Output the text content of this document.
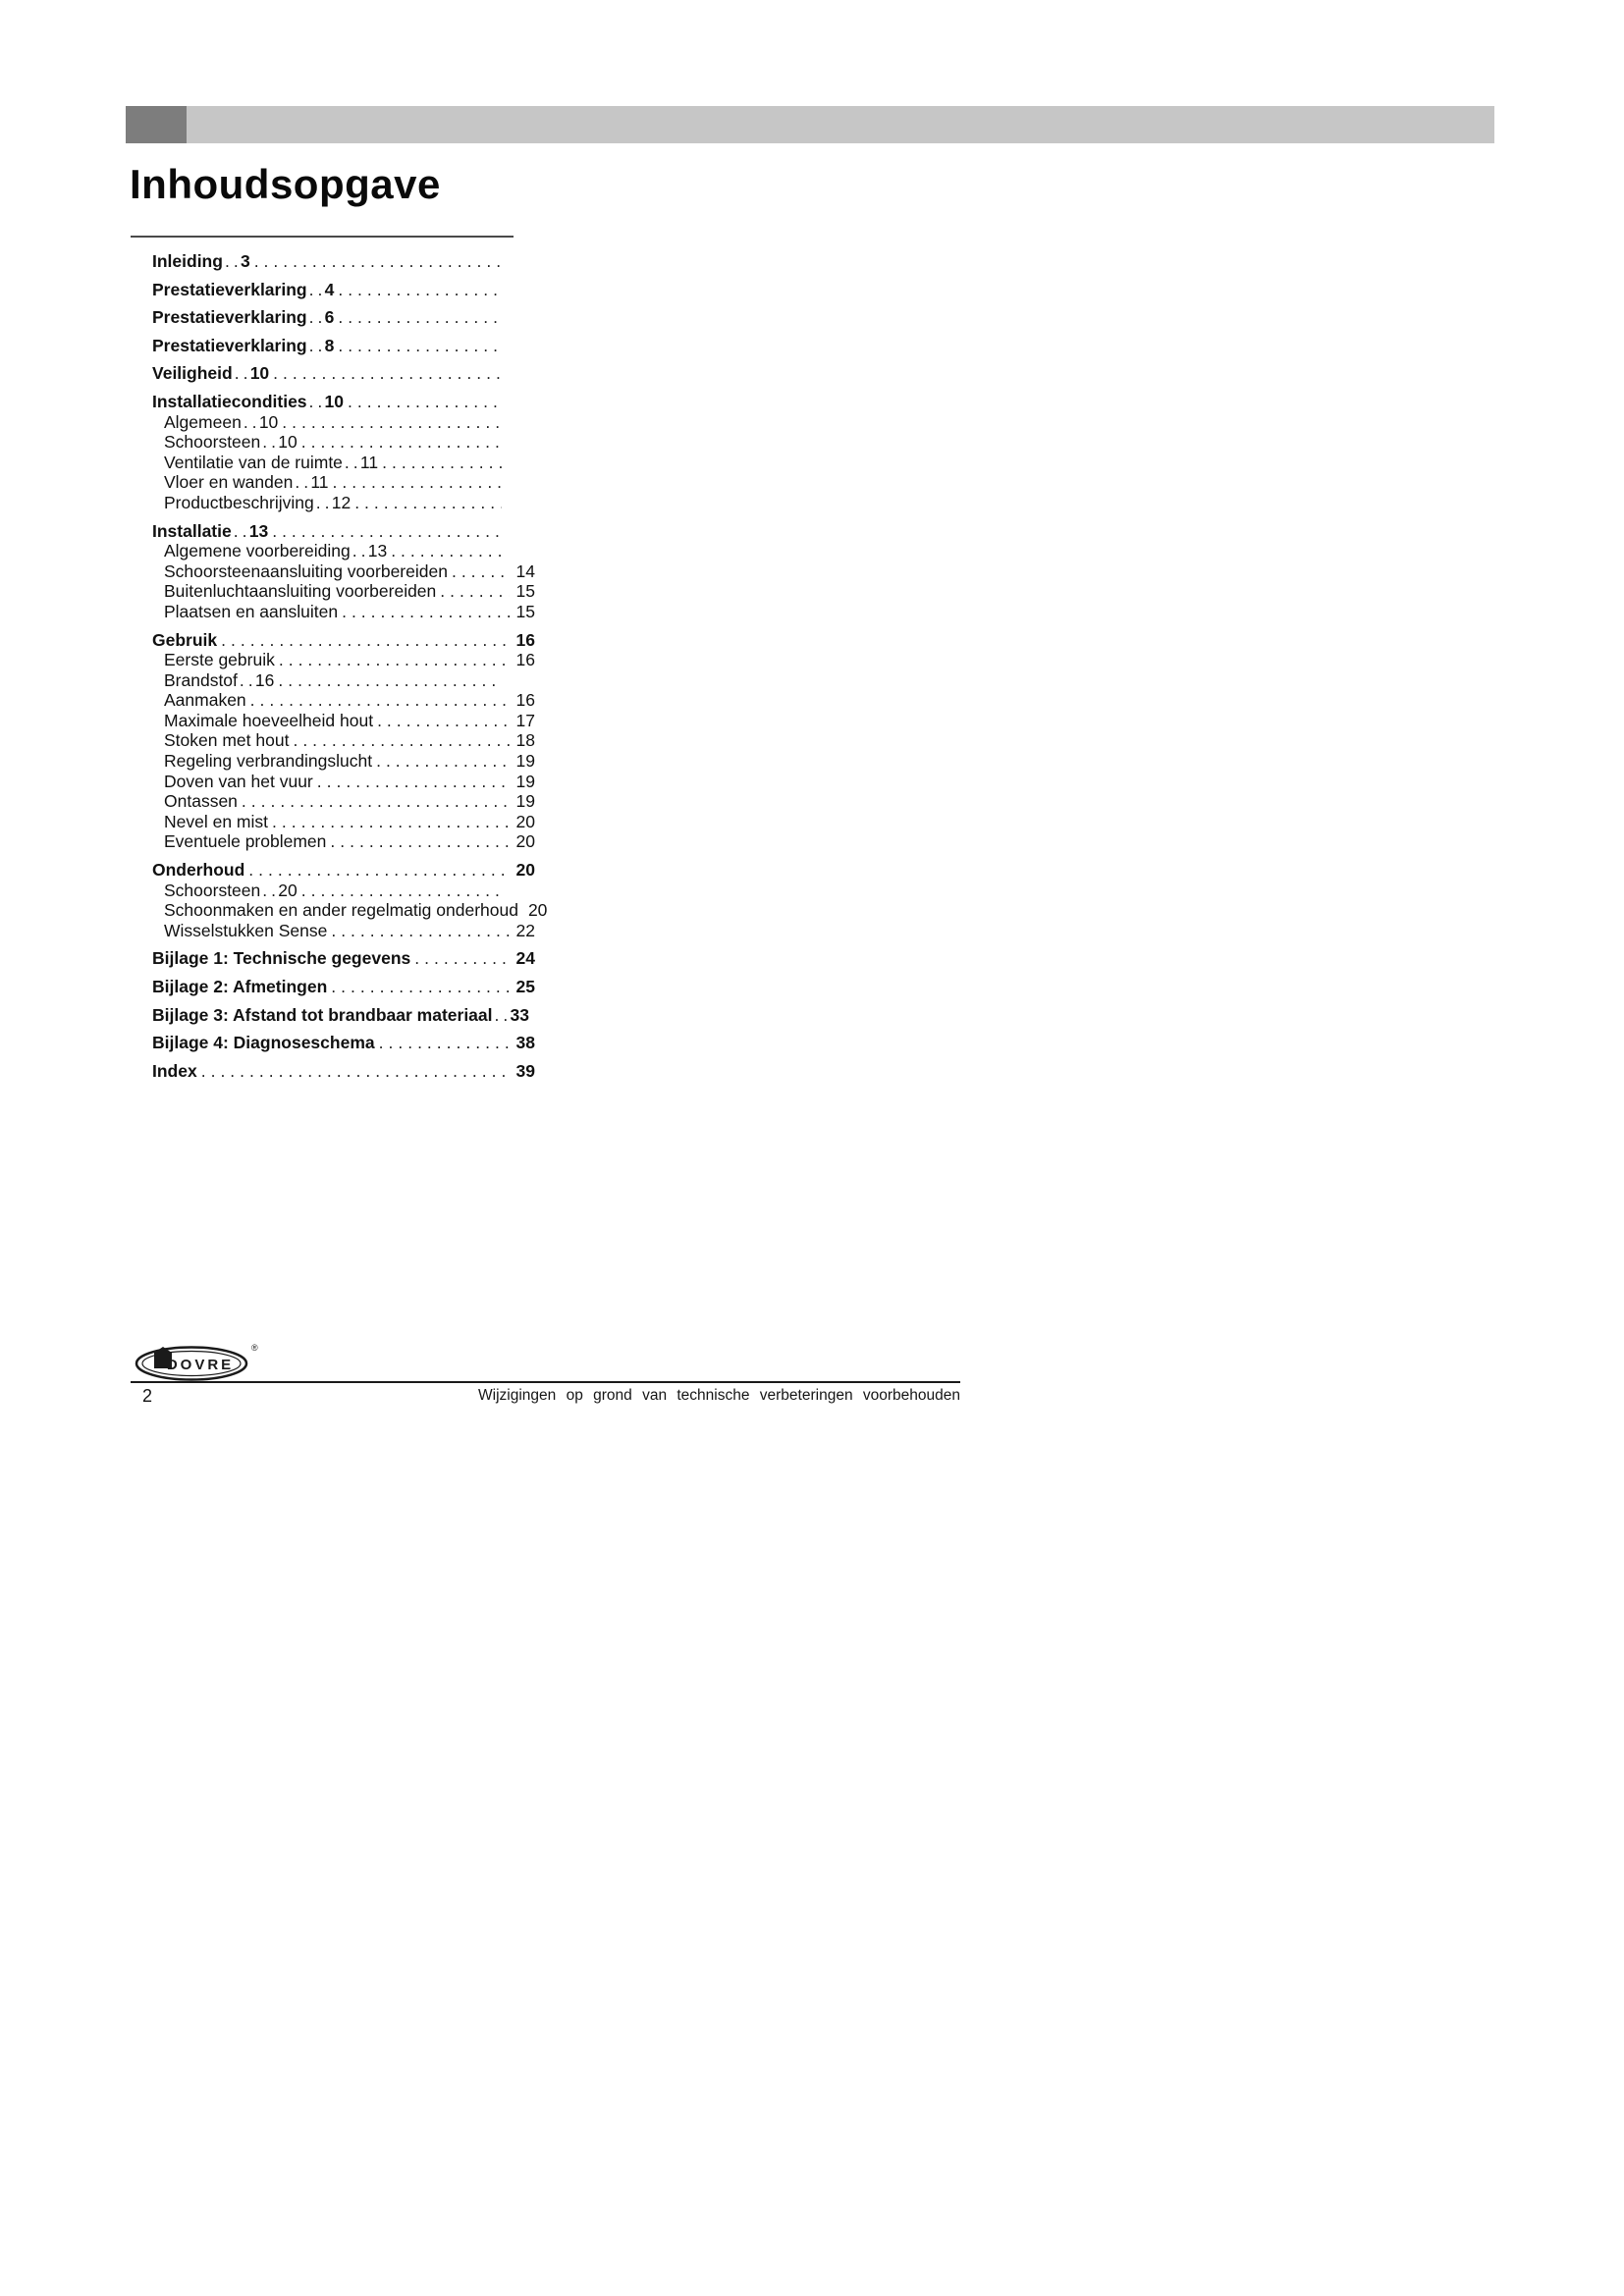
Inhoudsopgave
Inleiding ...... 3
.....
Prestatieverklaring ...... 4
.....
Prestatieverklaring ...... 6
.....
Prestatieverklaring ...... 8
.....
Veiligheid ...... 10
.....
Installatiecondities ...... 10
.....
Algemeen ...... 10
.....
Schoorsteen ...... 10
.....
Ventilatie van de ruimte ...... 11
.....
Vloer en wanden ...... 11
.....
Productbeschrijving ...... 12
.....
Installatie ...... 13
.....
Algemene voorbereiding ...... 13
.....
Schoorsteenaansluiting voorbereiden .....	14
Buitenluchtaansluiting voorbereiden .....	15
Plaatsen en aansluiten .....	15
Gebruik .....	16
Eerste gebruik .....	16
Brandstof ...... 16
.....
Aanmaken .....	16
Maximale hoeveelheid hout .....	17
Stoken met hout .....	18
Regeling verbrandingslucht .....	19
Doven van het vuur .....	19
Ontassen .....	19
Nevel en mist .....	20
Eventuele problemen .....	20
Onderhoud .....	20
Schoorsteen ...... 20
.....
Schoonmaken en ander regelmatig onderhoud 20
Wisselstukken Sense .....	22
Bijlage 1: Technische gegevens .....	24
Bijlage 2: Afmetingen .....	25
Bijlage 3: Afstand tot brandbaar materiaal ...... 33
Bijlage 4: Diagnoseschema .....	38
Index .....	39
DOVRE
®
2	Wijzigingen op grond van technische verbeteringen voorbehouden
